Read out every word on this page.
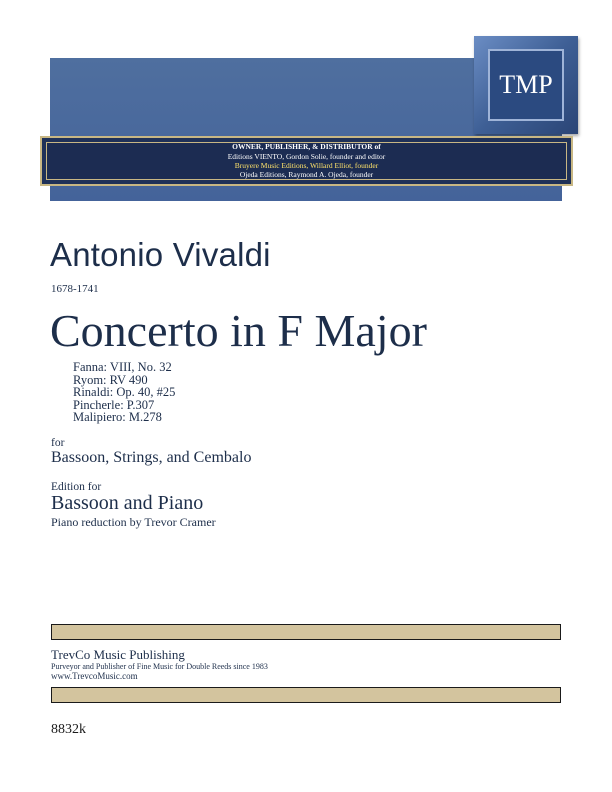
TMP
OWNER, PUBLISHER, & DISTRIBUTOR of
Editions VIENTO, Gordon Solie, founder and editor
Bruyere Music Editions, Willard Elliot, founder
Ojeda Editions, Raymond A. Ojeda, founder
Antonio Vivaldi
1678-1741
Concerto in F Major
Fanna: VIII, No. 32
Ryom: RV 490
Rinaldi: Op. 40, #25
Pincherle: P.307
Malipiero: M.278
for
Bassoon, Strings, and Cembalo
Edition for
Bassoon and Piano
Piano reduction by Trevor Cramer
TrevCo Music Publishing
Purveyor and Publisher of Fine Music for Double Reeds since 1983
www.TrevcoMusic.com
8832k
